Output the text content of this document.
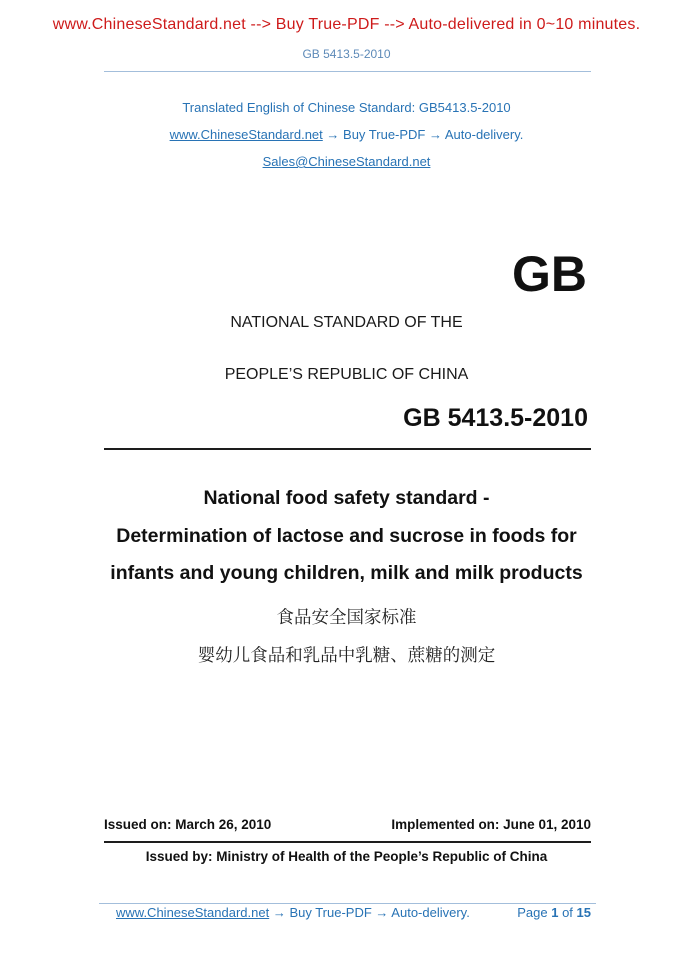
www.ChineseStandard.net --> Buy True-PDF --> Auto-delivered in 0~10 minutes.
GB 5413.5-2010
Translated English of Chinese Standard: GB5413.5-2010
www.ChineseStandard.net → Buy True-PDF → Auto-delivery.
Sales@ChineseStandard.net
GB
NATIONAL STANDARD OF THE
PEOPLE’S REPUBLIC OF CHINA
GB 5413.5-2010
National food safety standard -
Determination of lactose and sucrose in foods for
infants and young children, milk and milk products
食品安全国家标准
婴幼儿食品和乳品中乳糖、蔗糖的测定
Issued on: March 26, 2010	Implemented on: June 01, 2010
Issued by: Ministry of Health of the People’s Republic of China
www.ChineseStandard.net → Buy True-PDF → Auto-delivery.	Page 1 of 15
